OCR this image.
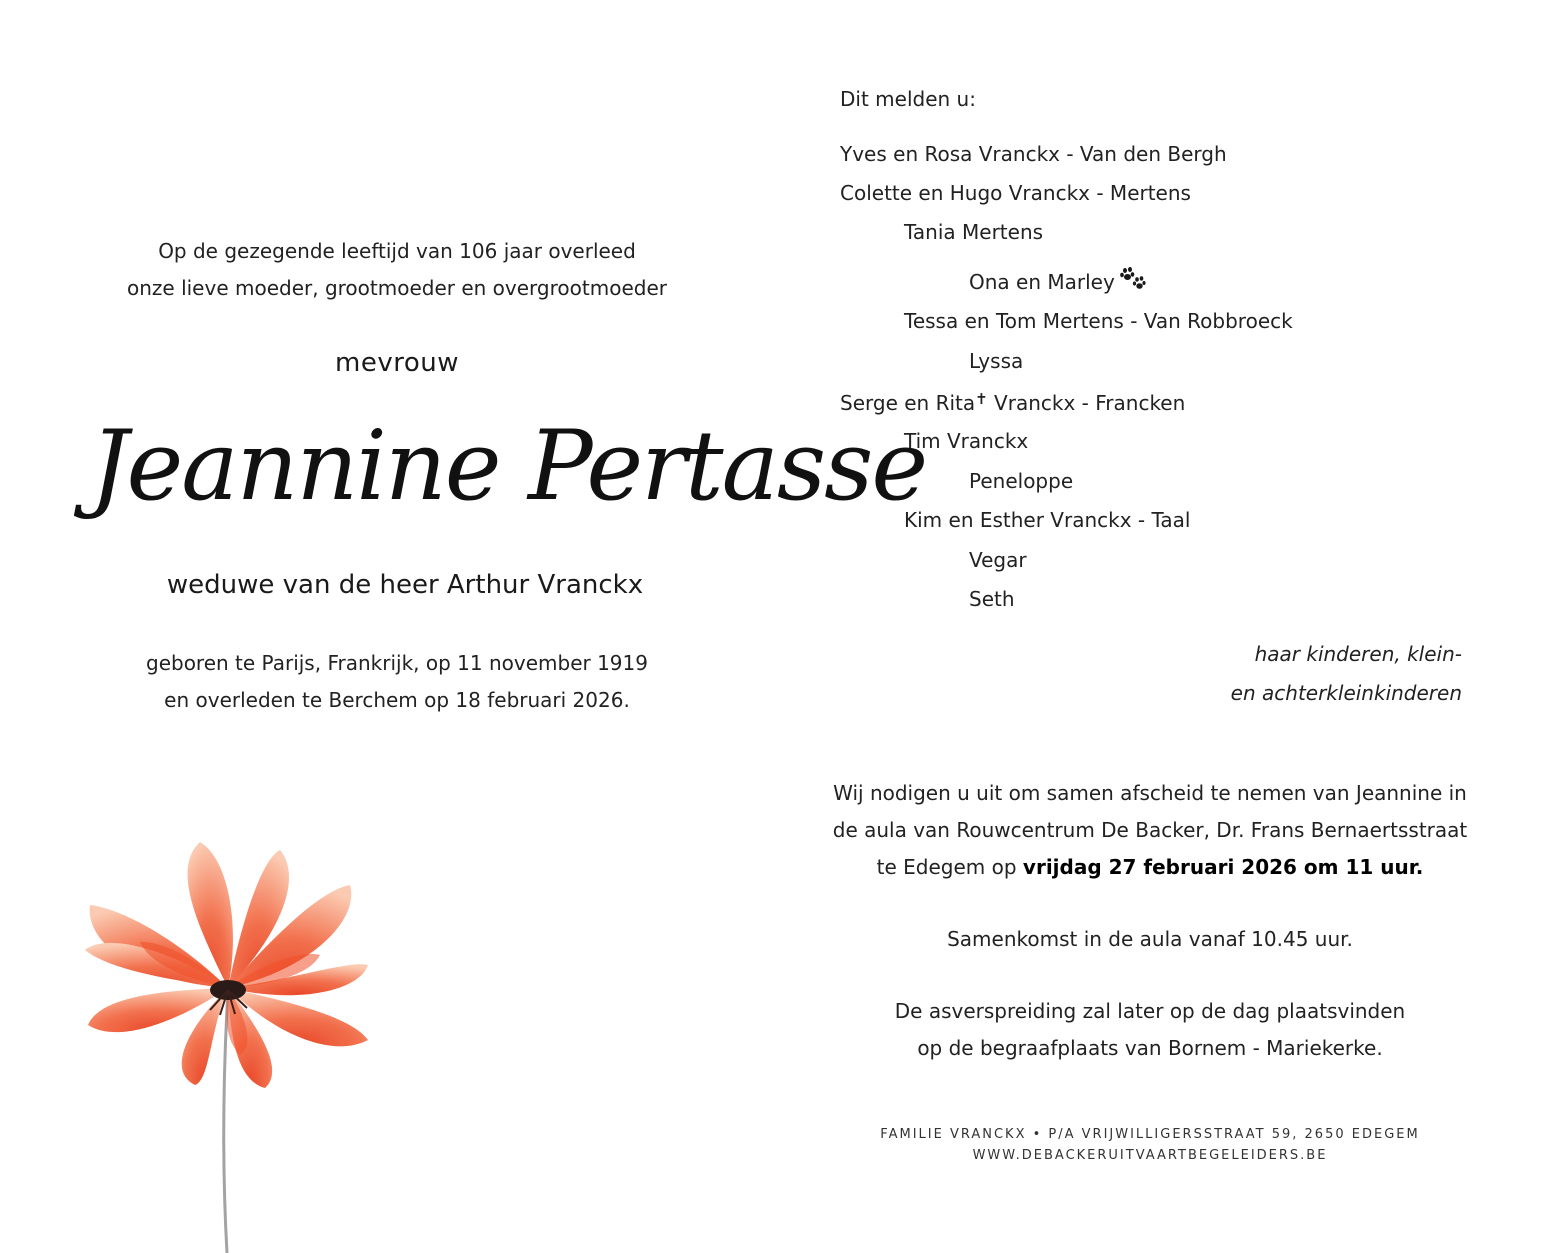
Op de gezegende leeftijd van 106 jaar overleed
onze lieve moeder, grootmoeder en overgrootmoeder
mevrouw
Jeannine Pertasse
weduwe van de heer Arthur Vranckx
geboren te Parijs, Frankrijk, op 11 november 1919
en overleden te Berchem op 18 februari 2026.
Dit melden u:
Yves en Rosa Vranckx - Van den Bergh
Colette en Hugo Vranckx - Mertens
Tania Mertens
Ona en Marley
Tessa en Tom Mertens - Van Robbroeck
Lyssa
Serge en Rita✝ Vranckx - Francken
Tim Vranckx
Peneloppe
Kim en Esther Vranckx - Taal
Vegar
Seth
haar kinderen, klein-
en achterkleinkinderen
Wij nodigen u uit om samen afscheid te nemen van Jeannine in
de aula van Rouwcentrum De Backer, Dr. Frans Bernaertsstraat
te Edegem op vrijdag 27 februari 2026 om 11 uur.
Samenkomst in de aula vanaf 10.45 uur.
De asverspreiding zal later op de dag plaatsvinden
op de begraafplaats van Bornem - Mariekerke.
FAMILIE VRANCKX • P/A VRIJWILLIGERSSTRAAT 59, 2650 EDEGEM
WWW.DEBACKERUITVAARTBEGELEIDERS.BE
